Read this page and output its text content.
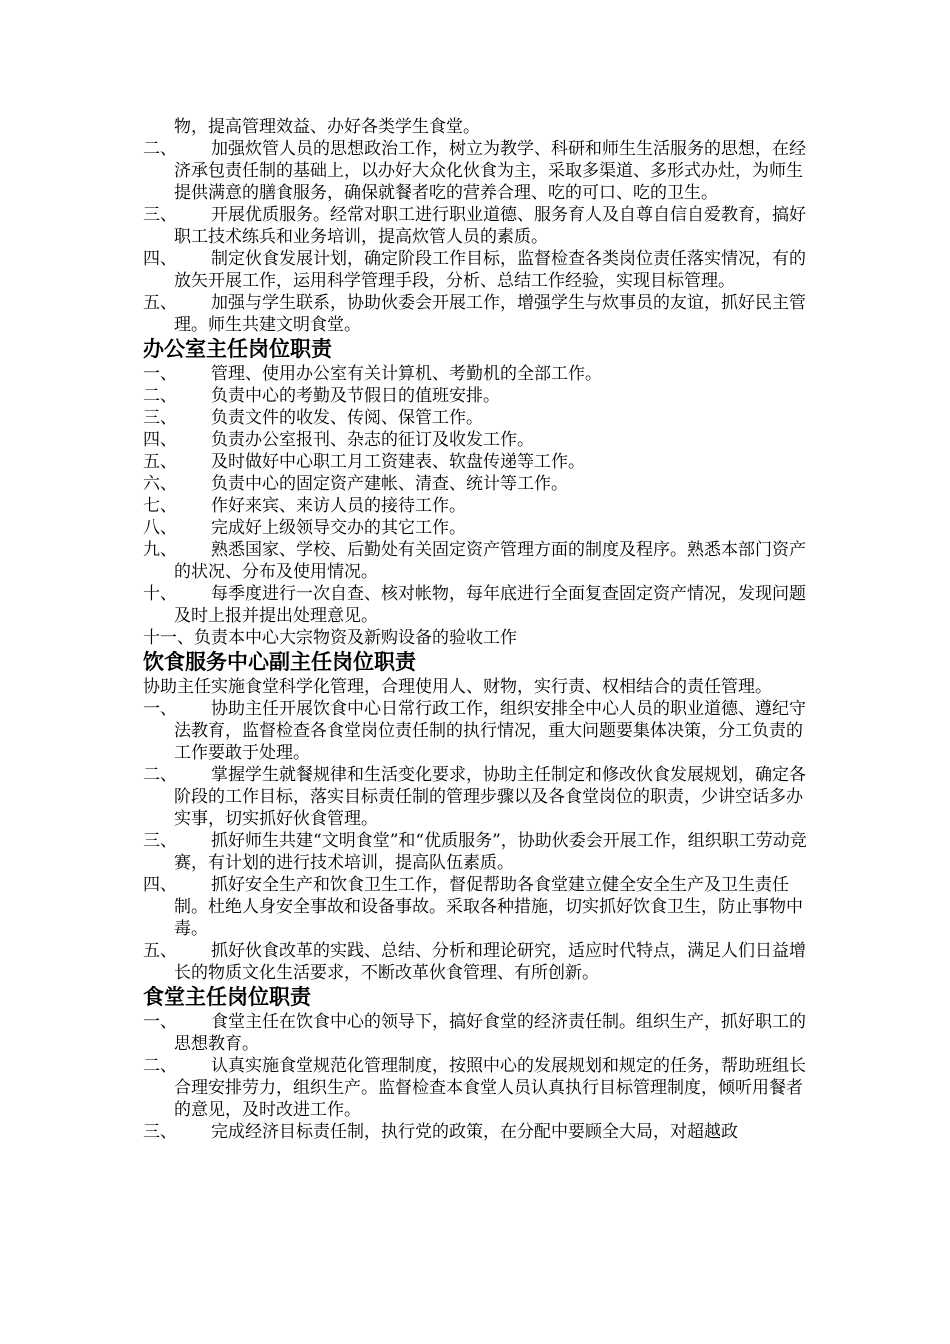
物，提高管理效益、办好各类学生食堂。
二、	加强炊管人员的思想政治工作，树立为教学、科研和师生生活服务的思想，在经济承包责任制的基础上，以办好大众化伙食为主，采取多渠道、多形式办灶，为师生提供满意的膳食服务，确保就餐者吃的营养合理、吃的可口、吃的卫生。
三、	开展优质服务。经常对职工进行职业道德、服务育人及自尊自信自爱教育，搞好职工技术练兵和业务培训，提高炊管人员的素质。
四、	制定伙食发展计划，确定阶段工作目标，监督检查各类岗位责任落实情况，有的放矢开展工作，运用科学管理手段，分析、总结工作经验，实现目标管理。
五、	加强与学生联系，协助伙委会开展工作，增强学生与炊事员的友谊，抓好民主管理。师生共建文明食堂。
办公室主任岗位职责
一、	管理、使用办公室有关计算机、考勤机的全部工作。
二、	负责中心的考勤及节假日的值班安排。
三、	负责文件的收发、传阅、保管工作。
四、	负责办公室报刊、杂志的征订及收发工作。
五、	及时做好中心职工月工资建表、软盘传递等工作。
六、	负责中心的固定资产建帐、清查、统计等工作。
七、	作好来宾、来访人员的接待工作。
八、	完成好上级领导交办的其它工作。
九、	熟悉国家、学校、后勤处有关固定资产管理方面的制度及程序。熟悉本部门资产的状况、分布及使用情况。
十、	每季度进行一次自查、核对帐物，每年底进行全面复查固定资产情况，发现问题及时上报并提出处理意见。
十一、负责本中心大宗物资及新购设备的验收工作
饮食服务中心副主任岗位职责
协助主任实施食堂科学化管理，合理使用人、财物，实行责、权相结合的责任管理。
一、	协助主任开展饮食中心日常行政工作，组织安排全中心人员的职业道德、遵纪守法教育，监督检查各食堂岗位责任制的执行情况，重大问题要集体决策，分工负责的工作要敢于处理。
二、	掌握学生就餐规律和生活变化要求，协助主任制定和修改伙食发展规划，确定各阶段的工作目标，落实目标责任制的管理步骤以及各食堂岗位的职责，少讲空话多办实事，切实抓好伙食管理。
三、	抓好师生共建“文明食堂”和“优质服务”，协助伙委会开展工作，组织职工劳动竞赛，有计划的进行技术培训，提高队伍素质。
四、	抓好安全生产和饮食卫生工作，督促帮助各食堂建立健全安全生产及卫生责任制。杜绝人身安全事故和设备事故。采取各种措施，切实抓好饮食卫生，防止事物中毒。
五、	抓好伙食改革的实践、总结、分析和理论研究，适应时代特点，满足人们日益增长的物质文化生活要求，不断改革伙食管理、有所创新。
食堂主任岗位职责
一、	食堂主任在饮食中心的领导下，搞好食堂的经济责任制。组织生产，抓好职工的思想教育。
二、	认真实施食堂规范化管理制度，按照中心的发展规划和规定的任务，帮助班组长合理安排劳力，组织生产。监督检查本食堂人员认真执行目标管理制度，倾听用餐者的意见，及时改进工作。
三、	完成经济目标责任制，执行党的政策，在分配中要顾全大局，对超越政
